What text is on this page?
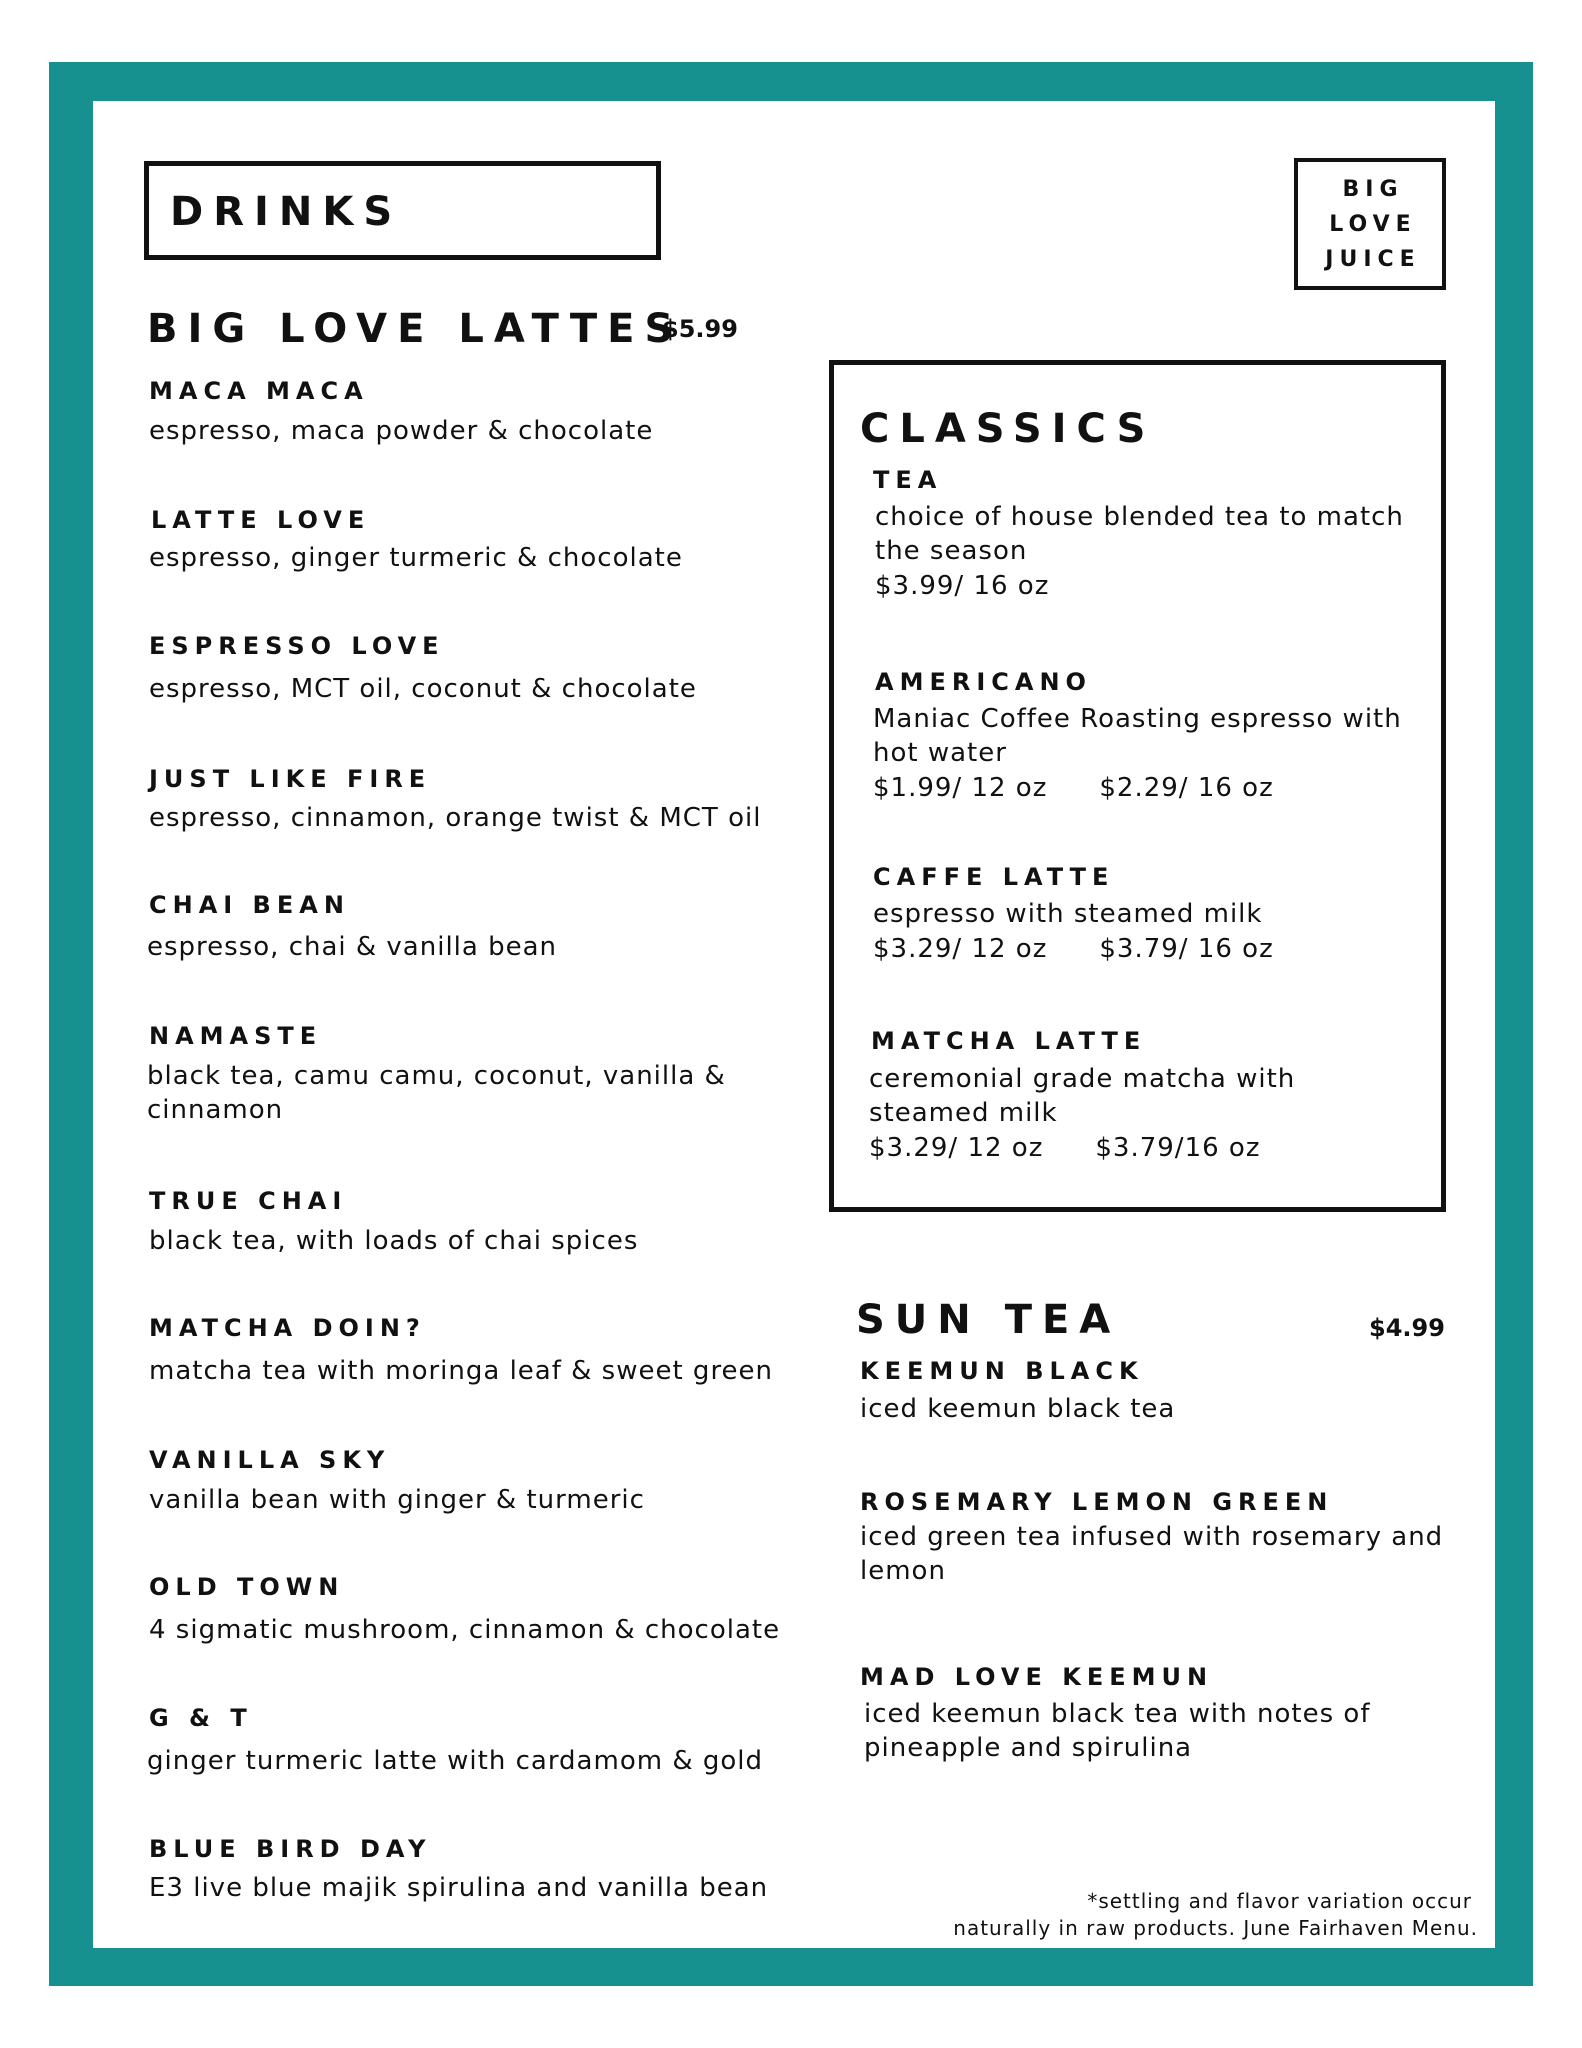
DRINKS	BIG
LOVE
JUICE
BIG LOVE LATTES
$5.99
MACA MACA
espresso, maca powder & chocolate
LATTE LOVE
espresso, ginger turmeric & chocolate
ESPRESSO LOVE
espresso, MCT oil, coconut & chocolate
JUST LIKE FIRE
espresso, cinnamon, orange twist & MCT oil
CHAI BEAN
espresso, chai & vanilla bean
NAMASTE
black tea, camu camu, coconut, vanilla &
cinnamon
TRUE CHAI
black tea, with loads of chai spices
MATCHA DOIN?
matcha tea with moringa leaf & sweet green
VANILLA SKY
vanilla bean with ginger & turmeric
OLD TOWN
4 sigmatic mushroom, cinnamon & chocolate
G & T
ginger turmeric latte with cardamom & gold
BLUE BIRD DAY
E3 live blue majik spirulina and vanilla bean
CLASSICS
TEA
choice of house blended tea to match the season
$3.99/ 16 oz
AMERICANO
Maniac Coffee Roasting espresso with hot water
$1.99/ 12 oz $2.29/ 16 oz
CAFFE LATTE
espresso with steamed milk
$3.29/ 12 oz $3.79/ 16 oz
MATCHA LATTE
ceremonial grade matcha with steamed milk
$3.29/ 12 oz $3.79/16 oz
SUN TEA	$4.99
KEEMUN BLACK
iced keemun black tea
ROSEMARY LEMON GREEN
iced green tea infused with rosemary and lemon
MAD LOVE KEEMUN
iced keemun black tea with notes of pineapple and spirulina
*settling and flavor variation occur
naturally in raw products. June Fairhaven Menu.
